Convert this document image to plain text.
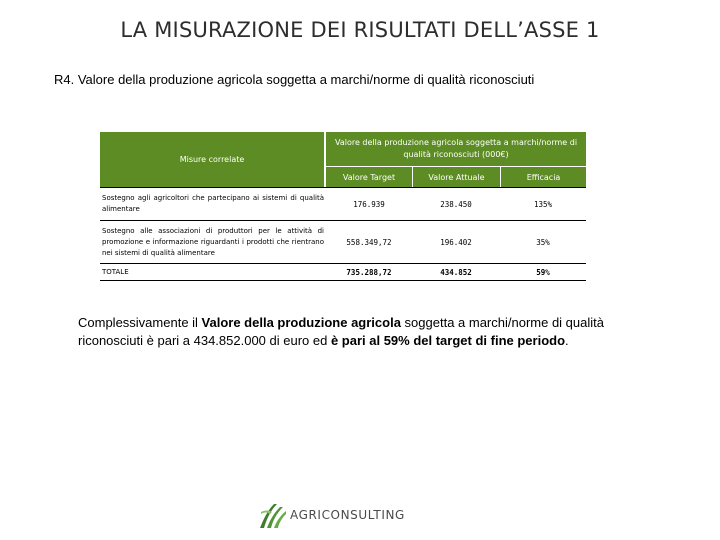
LA MISURAZIONE DEI RISULTATI DELL’ASSE 1
R4. Valore della produzione agricola soggetta a marchi/norme di qualità riconosciuti
Misure correlate	Valore della produzione agricola soggetta a marchi/norme di qualità riconosciuti (000€)		
	Valore Target	Valore Attuale	Efficacia
Sostegno agli agricoltori che partecipano ai sistemi di qualità alimentare	176.939	238.450	135%
Sostegno alle associazioni di produttori per le attività di promozione e informazione riguardanti i prodotti che rientrano nei sistemi di qualità alimentare	558.349,72	196.402	35%
TOTALE	735.288,72	434.852	59%
Complessivamente il Valore della produzione agricola soggetta a marchi/norme di qualità riconosciuti è pari a 434.852.000 di euro ed è pari al 59% del target di fine periodo.
AGRICONSULTING
